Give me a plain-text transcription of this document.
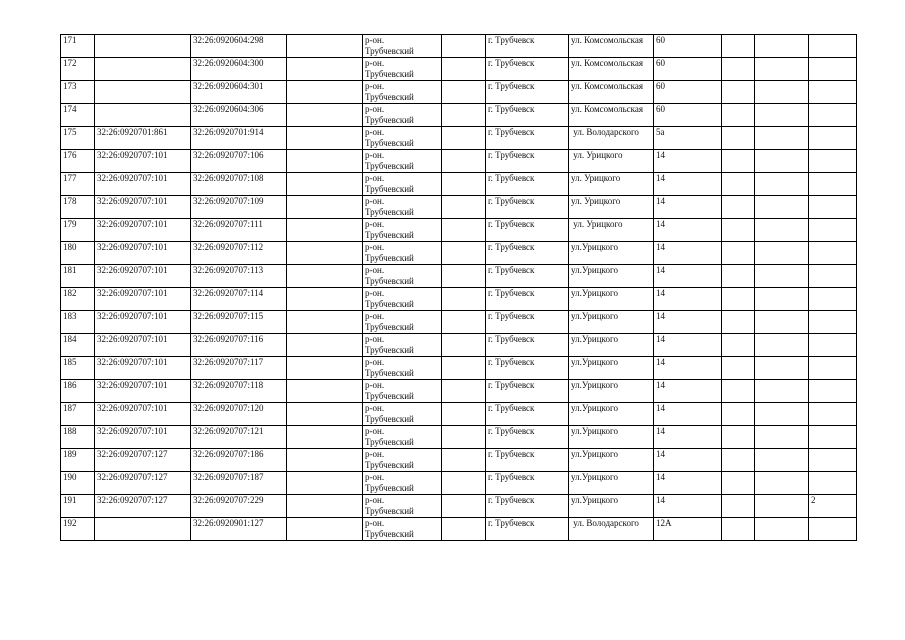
171		32:26:0920604:298		р-он.
Трубчевский		г. Трубчевск	ул. Комсомольская	60			
172		32:26:0920604:300		р-он.
Трубчевский		г. Трубчевск	ул. Комсомольская	60			
173		32:26:0920604:301		р-он.
Трубчевский		г. Трубчевск	ул. Комсомольская	60			
174		32:26:0920604:306		р-он.
Трубчевский		г. Трубчевск	ул. Комсомольская	60			
175	32:26:0920701:861	32:26:0920701:914		р-он.
Трубчевский		г. Трубчевск	ул. Володарского	5а			
176	32:26:0920707:101	32:26:0920707:106		р-он.
Трубчевский		г. Трубчевск	ул. Урицкого	14			
177	32:26:0920707:101	32:26:0920707:108		р-он.
Трубчевский		г. Трубчевск	ул. Урицкого	14			
178	32:26:0920707:101	32:26:0920707:109		р-он.
Трубчевский		г. Трубчевск	ул. Урицкого	14			
179	32:26:0920707:101	32:26:0920707:111		р-он.
Трубчевский		г. Трубчевск	ул. Урицкого	14			
180	32:26:0920707:101	32:26:0920707:112		р-он.
Трубчевский		г. Трубчевск	ул.Урицкого	14			
181	32:26:0920707:101	32:26:0920707:113		р-он.
Трубчевский		г. Трубчевск	ул.Урицкого	14			
182	32:26:0920707:101	32:26:0920707:114		р-он.
Трубчевский		г. Трубчевск	ул.Урицкого	14			
183	32:26:0920707:101	32:26:0920707:115		р-он.
Трубчевский		г. Трубчевск	ул.Урицкого	14			
184	32:26:0920707:101	32:26:0920707:116		р-он.
Трубчевский		г. Трубчевск	ул.Урицкого	14			
185	32:26:0920707:101	32:26:0920707:117		р-он.
Трубчевский		г. Трубчевск	ул.Урицкого	14			
186	32:26:0920707:101	32:26:0920707:118		р-он.
Трубчевский		г. Трубчевск	ул.Урицкого	14			
187	32:26:0920707:101	32:26:0920707:120		р-он.
Трубчевский		г. Трубчевск	ул.Урицкого	14			
188	32:26:0920707:101	32:26:0920707:121		р-он.
Трубчевский		г. Трубчевск	ул.Урицкого	14			
189	32:26:0920707:127	32:26:0920707:186		р-он.
Трубчевский		г. Трубчевск	ул.Урицкого	14			
190	32:26:0920707:127	32:26:0920707:187		р-он.
Трубчевский		г. Трубчевск	ул.Урицкого	14			
191	32:26:0920707:127	32:26:0920707:229		р-он.
Трубчевский		г. Трубчевск	ул.Урицкого	14			2
192		32:26:0920901:127		р-он.
Трубчевский		г. Трубчевск	ул. Володарского	12А			
